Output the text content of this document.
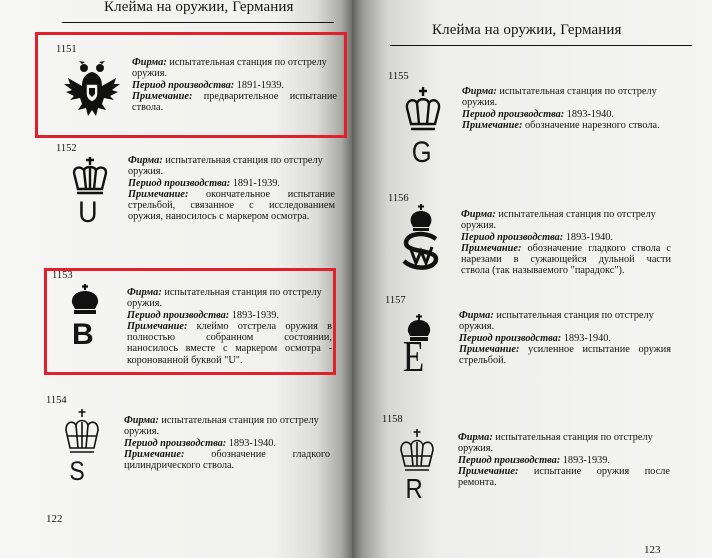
Клейма на оружии, Германия
1151
Фирма: испытательная станция по отстрелу
оружия.
Период производства: 1891-1939.
Примечание: предварительное испытание
ствола.
1152
U
Фирма: испытательная станция по отстрелу
оружия.
Период производства: 1891-1939.
Примечание: окончательное испытание
стрельбой, связанное с исследованием
оружия, наносилось с маркером осмотра.
1153
B
Фирма: испытательная станция по отстрелу
оружия.
Период производства: 1893-1939.
Примечание: клеймо отстрела оружия в
полностью собранном состоянии,
наносилось вместе с маркером осмотра -
коронованной буквой "U".
1154
S
Фирма: испытательная станция по отстрелу
оружия.
Период производства: 1893-1940.
Примечание:	обозначение гладкого
цилиндрического ствола.
122
Клейма на оружии, Германия
1155
G
Фирма: испытательная станция по отстрелу
оружия.
Период производства: 1893-1940.
Примечание: обозначение нарезного ствола.
1156
Фирма: испытательная станция по отстрелу
оружия.
Период производства: 1893-1940.
Примечание: обозначение гладкого ствола с
нарезами в сужающейся дульной части
ствола (так называемого "парадокс").
1157
E
Фирма: испытательная станция по отстрелу
оружия.
Период производства: 1893-1940.
Примечание: усиленное испытание оружия
стрельбой.
1158
R
Фирма: испытательная станция по отстрелу
оружия.
Период производства: 1893-1939.
Примечание: испытание оружия после
ремонта.
123
